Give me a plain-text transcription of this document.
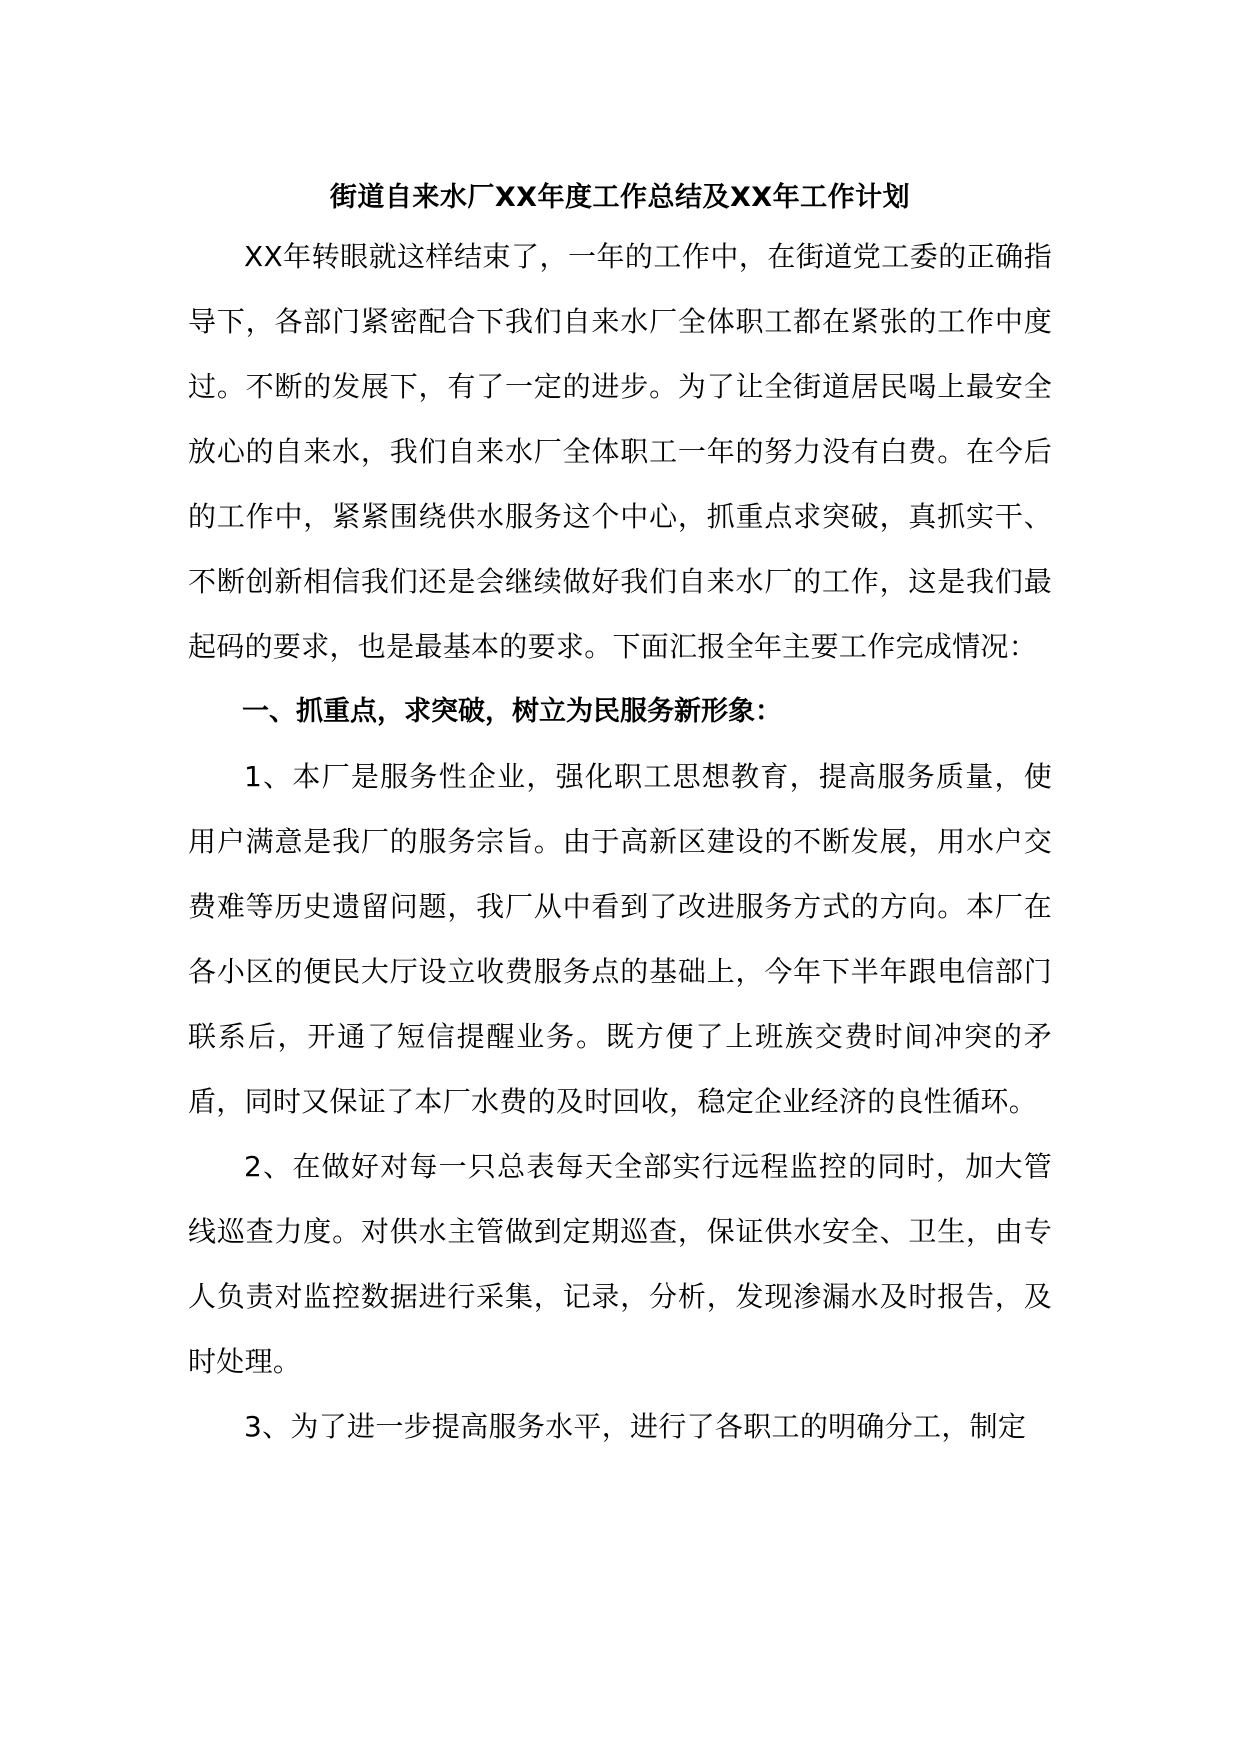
街道自来水厂XX年度工作总结及XX年工作计划

XX年转眼就这样结束了，一年的工作中，在街道党工委的正确指导下，各部门紧密配合下我们自来水厂全体职工都在紧张的工作中度过。不断的发展下，有了一定的进步。为了让全街道居民喝上最安全放心的自来水，我们自来水厂全体职工一年的努力没有白费。在今后的工作中，紧紧围绕供水服务这个中心，抓重点求突破，真抓实干、不断创新相信我们还是会继续做好我们自来水厂的工作，这是我们最起码的要求，也是最基本的要求。下面汇报全年主要工作完成情况：

一、抓重点，求突破，树立为民服务新形象：

1、本厂是服务性企业，强化职工思想教育，提高服务质量，使用户满意是我厂的服务宗旨。由于高新区建设的不断发展，用水户交费难等历史遗留问题，我厂从中看到了改进服务方式的方向。本厂在各小区的便民大厅设立收费服务点的基础上，今年下半年跟电信部门联系后，开通了短信提醒业务。既方便了上班族交费时间冲突的矛盾，同时又保证了本厂水费的及时回收，稳定企业经济的良性循环。

2、在做好对每一只总表每天全部实行远程监控的同时，加大管线巡查力度。对供水主管做到定期巡查，保证供水安全、卫生，由专人负责对监控数据进行采集，记录，分析，发现渗漏水及时报告，及时处理。

3、为了进一步提高服务水平，进行了各职工的明确分工，制定
